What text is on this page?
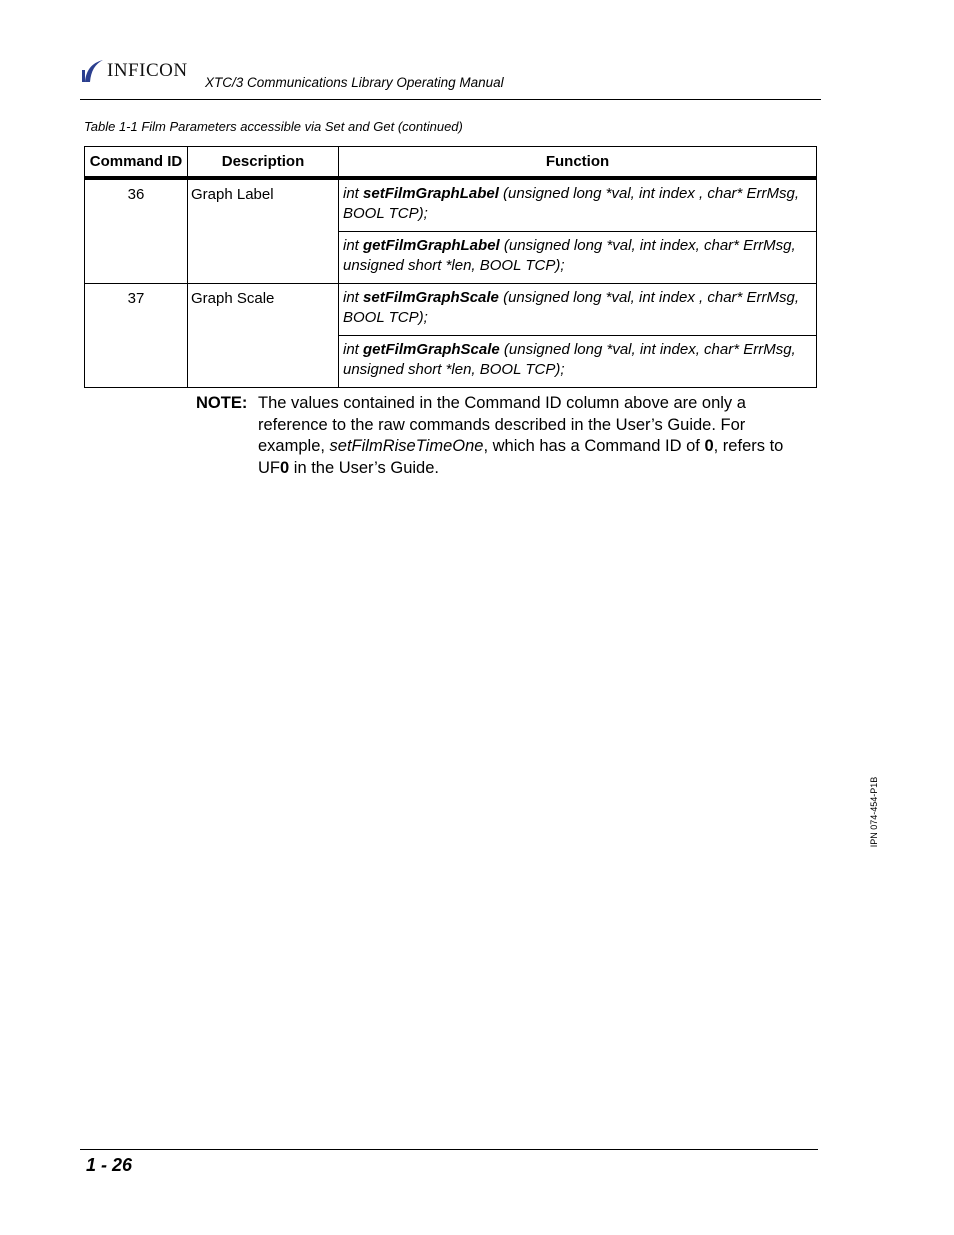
INFICON
XTC/3 Communications Library Operating Manual
Table 1-1 Film Parameters accessible via Set and Get (continued)
Command ID	Description	Function
36	Graph Label	int setFilmGraphLabel (unsigned long *val, int index , char* ErrMsg, BOOL TCP);
		int getFilmGraphLabel (unsigned long *val, int index, char* ErrMsg, unsigned short *len, BOOL TCP);
37	Graph Scale	int setFilmGraphScale (unsigned long *val, int index , char* ErrMsg, BOOL TCP);
		int getFilmGraphScale (unsigned long *val, int index, char* ErrMsg, unsigned short *len, BOOL TCP);
NOTE: The values contained in the Command ID column above are only a reference to the raw commands described in the User’s Guide. For example, setFilmRiseTimeOne, which has a Command ID of 0, refers to UF0 in the User’s Guide.
IPN 074-454-P1B
1 - 26
